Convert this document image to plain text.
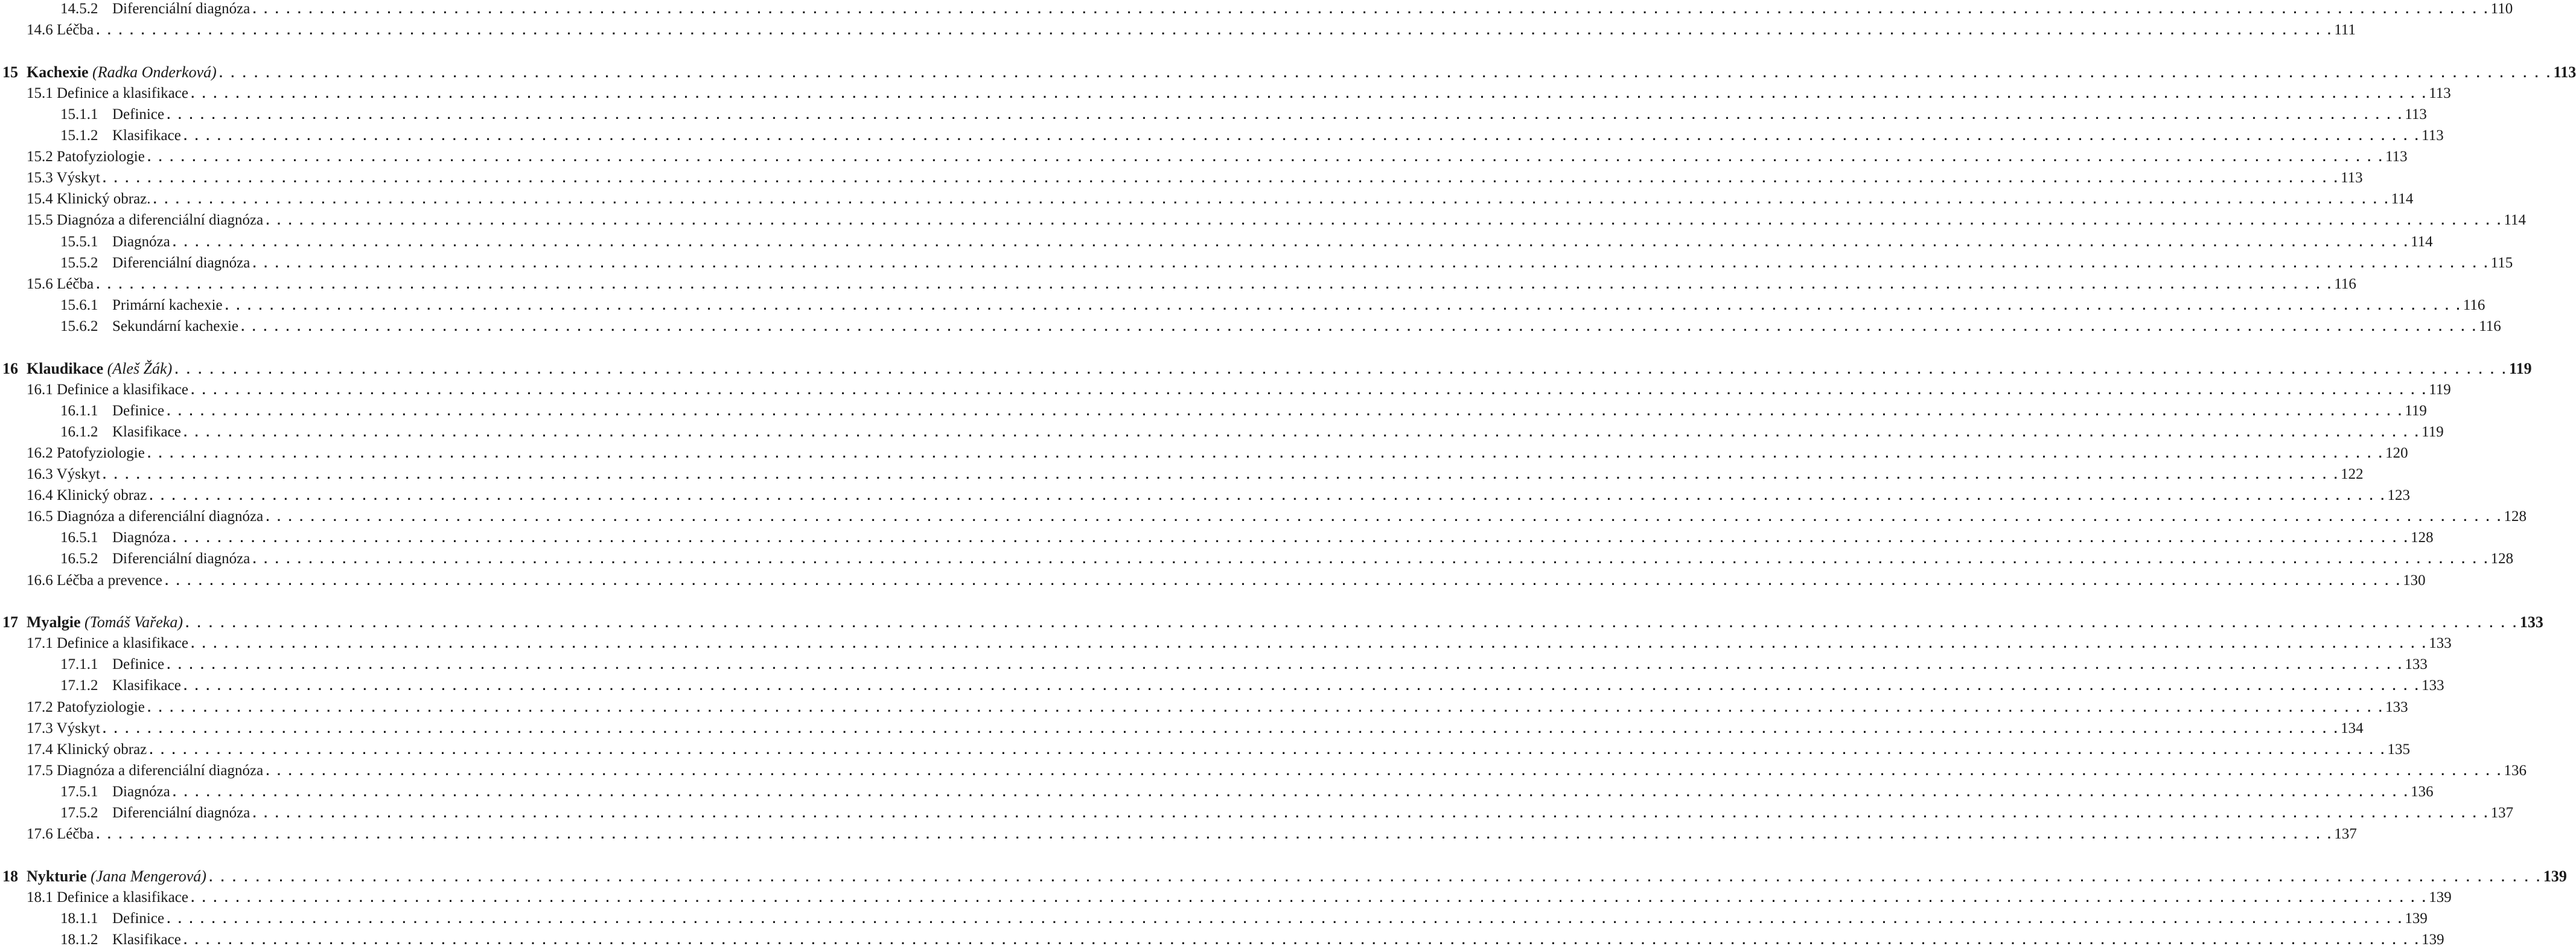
14.5.2 Diferenciální diagnóza . . . . . . . . . . . . . . . . . . . . . . . . . . . . . . . . . . . . . . . . . . . . . . . . . . . . . . . . . . . . . . . . . . . . . . . . . . . . . . . . . . . . . . . . . . . . . . . . . . . . . . . . . . . . . . . . . . . . . . . . . . . . . . . . . . . . . . . . . . . . . . . . . . . . . . . . . . . . . . . . . . . . . . . . . . . . . . . . . . . . . . . . . . . . . . . . . . . . . . . . 110
14.6 Léčba . . . . . . . . . . . . . . . . . . . . . . . . . . . . . . . . . . . . . . . . . . . . . . . . . . . . . . . . . . . . . . . . . . . . . . . . . . . . . . . . . . . . . . . . . . . . . . . . . . . . . . . . . . . . . . . . . . . . . . . . . . . . . . . . . . . . . . . . . . . . . . . . . . . . . . . . . . . . . . . . . . . . . . . . . . . . . . . . . . . . . . . . . . . . . . . . . . . . . . . . 111
15 Kachexie (Radka Onderková) . . . . . . . . . . . . . . . . . . . . . . . . . . . . . . . . . . . . . . . . . . . . . . . . . . . . . . . . . . . . . . . . . . . . . . . . . . . . . . . . . . . . . . . . . . . . . . . . . . . . . . . . . . . . . . . . . . . . . . . . . . . . . . . . . . . . . . . . . . . . . . . . . . . . . . . . . . . . . . . . . . . . . . . . . . . . . . . . . . . . . . . . . . . . . . . . . . . . . . . . 113
15.1 Definice a klasifikace . . . . . . . . . . . . . . . . . . . . . . . . . . . . . . . . . . . . . . . . . . . . . . . . . . . . . . . . . . . . . . . . . . . . . . . . . . . . . . . . . . . . . . . . . . . . . . . . . . . . . . . . . . . . . . . . . . . . . . . . . . . . . . . . . . . . . . . . . . . . . . . . . . . . . . . . . . . . . . . . . . . . . . . . . . . . . . . . . . . . . . . . . . . . . . . . . . . . . . . . 113
15.1.1 Definice . . . . . . . . . . . . . . . . . . . . . . . . . . . . . . . . . . . . . . . . . . . . . . . . . . . . . . . . . . . . . . . . . . . . . . . . . . . . . . . . . . . . . . . . . . . . . . . . . . . . . . . . . . . . . . . . . . . . . . . . . . . . . . . . . . . . . . . . . . . . . . . . . . . . . . . . . . . . . . . . . . . . . . . . . . . . . . . . . . . . . . . . . . . . . . . . . . . . . . . . 113
15.1.2 Klasifikace . . . . . . . . . . . . . . . . . . . . . . . . . . . . . . . . . . . . . . . . . . . . . . . . . . . . . . . . . . . . . . . . . . . . . . . . . . . . . . . . . . . . . . . . . . . . . . . . . . . . . . . . . . . . . . . . . . . . . . . . . . . . . . . . . . . . . . . . . . . . . . . . . . . . . . . . . . . . . . . . . . . . . . . . . . . . . . . . . . . . . . . . . . . . . . . . . . . . . . . . 113
15.2 Patofyziologie . . . . . . . . . . . . . . . . . . . . . . . . . . . . . . . . . . . . . . . . . . . . . . . . . . . . . . . . . . . . . . . . . . . . . . . . . . . . . . . . . . . . . . . . . . . . . . . . . . . . . . . . . . . . . . . . . . . . . . . . . . . . . . . . . . . . . . . . . . . . . . . . . . . . . . . . . . . . . . . . . . . . . . . . . . . . . . . . . . . . . . . . . . . . . . . . . . . . . . . . 113
15.3 Výskyt . . . . . . . . . . . . . . . . . . . . . . . . . . . . . . . . . . . . . . . . . . . . . . . . . . . . . . . . . . . . . . . . . . . . . . . . . . . . . . . . . . . . . . . . . . . . . . . . . . . . . . . . . . . . . . . . . . . . . . . . . . . . . . . . . . . . . . . . . . . . . . . . . . . . . . . . . . . . . . . . . . . . . . . . . . . . . . . . . . . . . . . . . . . . . . . . . . . . . . . . 113
15.4 Klinický obraz. . . . . . . . . . . . . . . . . . . . . . . . . . . . . . . . . . . . . . . . . . . . . . . . . . . . . . . . . . . . . . . . . . . . . . . . . . . . . . . . . . . . . . . . . . . . . . . . . . . . . . . . . . . . . . . . . . . . . . . . . . . . . . . . . . . . . . . . . . . . . . . . . . . . . . . . . . . . . . . . . . . . . . . . . . . . . . . . . . . . . . . . . . . . . . . . . . . . . . . . . 114
15.5 Diagnóza a diferenciální diagnóza . . . . . . . . . . . . . . . . . . . . . . . . . . . . . . . . . . . . . . . . . . . . . . . . . . . . . . . . . . . . . . . . . . . . . . . . . . . . . . . . . . . . . . . . . . . . . . . . . . . . . . . . . . . . . . . . . . . . . . . . . . . . . . . . . . . . . . . . . . . . . . . . . . . . . . . . . . . . . . . . . . . . . . . . . . . . . . . . . . . . . . . . . . . . . . . . . . . . . . . . 114
15.5.1 Diagnóza . . . . . . . . . . . . . . . . . . . . . . . . . . . . . . . . . . . . . . . . . . . . . . . . . . . . . . . . . . . . . . . . . . . . . . . . . . . . . . . . . . . . . . . . . . . . . . . . . . . . . . . . . . . . . . . . . . . . . . . . . . . . . . . . . . . . . . . . . . . . . . . . . . . . . . . . . . . . . . . . . . . . . . . . . . . . . . . . . . . . . . . . . . . . . . . . . . . . . . . . 114
15.5.2 Diferenciální diagnóza . . . . . . . . . . . . . . . . . . . . . . . . . . . . . . . . . . . . . . . . . . . . . . . . . . . . . . . . . . . . . . . . . . . . . . . . . . . . . . . . . . . . . . . . . . . . . . . . . . . . . . . . . . . . . . . . . . . . . . . . . . . . . . . . . . . . . . . . . . . . . . . . . . . . . . . . . . . . . . . . . . . . . . . . . . . . . . . . . . . . . . . . . . . . . . . . . . . . . . . . 115
15.6 Léčba . . . . . . . . . . . . . . . . . . . . . . . . . . . . . . . . . . . . . . . . . . . . . . . . . . . . . . . . . . . . . . . . . . . . . . . . . . . . . . . . . . . . . . . . . . . . . . . . . . . . . . . . . . . . . . . . . . . . . . . . . . . . . . . . . . . . . . . . . . . . . . . . . . . . . . . . . . . . . . . . . . . . . . . . . . . . . . . . . . . . . . . . . . . . . . . . . . . . . . . . 116
15.6.1 Primární kachexie . . . . . . . . . . . . . . . . . . . . . . . . . . . . . . . . . . . . . . . . . . . . . . . . . . . . . . . . . . . . . . . . . . . . . . . . . . . . . . . . . . . . . . . . . . . . . . . . . . . . . . . . . . . . . . . . . . . . . . . . . . . . . . . . . . . . . . . . . . . . . . . . . . . . . . . . . . . . . . . . . . . . . . . . . . . . . . . . . . . . . . . . . . . . . . . . . . . . . . . . 116
15.6.2 Sekundární kachexie . . . . . . . . . . . . . . . . . . . . . . . . . . . . . . . . . . . . . . . . . . . . . . . . . . . . . . . . . . . . . . . . . . . . . . . . . . . . . . . . . . . . . . . . . . . . . . . . . . . . . . . . . . . . . . . . . . . . . . . . . . . . . . . . . . . . . . . . . . . . . . . . . . . . . . . . . . . . . . . . . . . . . . . . . . . . . . . . . . . . . . . . . . . . . . . . . . . . . . . . 116
16 Klaudikace (Aleš Žák) . . . . . . . . . . . . . . . . . . . . . . . . . . . . . . . . . . . . . . . . . . . . . . . . . . . . . . . . . . . . . . . . . . . . . . . . . . . . . . . . . . . . . . . . . . . . . . . . . . . . . . . . . . . . . . . . . . . . . . . . . . . . . . . . . . . . . . . . . . . . . . . . . . . . . . . . . . . . . . . . . . . . . . . . . . . . . . . . . . . . . . . . . . . . . . . . . . . . . . . . 119
16.1 Definice a klasifikace . . . . . . . . . . . . . . . . . . . . . . . . . . . . . . . . . . . . . . . . . . . . . . . . . . . . . . . . . . . . . . . . . . . . . . . . . . . . . . . . . . . . . . . . . . . . . . . . . . . . . . . . . . . . . . . . . . . . . . . . . . . . . . . . . . . . . . . . . . . . . . . . . . . . . . . . . . . . . . . . . . . . . . . . . . . . . . . . . . . . . . . . . . . . . . . . . . . . . . . . 119
16.1.1 Definice . . . . . . . . . . . . . . . . . . . . . . . . . . . . . . . . . . . . . . . . . . . . . . . . . . . . . . . . . . . . . . . . . . . . . . . . . . . . . . . . . . . . . . . . . . . . . . . . . . . . . . . . . . . . . . . . . . . . . . . . . . . . . . . . . . . . . . . . . . . . . . . . . . . . . . . . . . . . . . . . . . . . . . . . . . . . . . . . . . . . . . . . . . . . . . . . . . . . . . . . 119
16.1.2 Klasifikace . . . . . . . . . . . . . . . . . . . . . . . . . . . . . . . . . . . . . . . . . . . . . . . . . . . . . . . . . . . . . . . . . . . . . . . . . . . . . . . . . . . . . . . . . . . . . . . . . . . . . . . . . . . . . . . . . . . . . . . . . . . . . . . . . . . . . . . . . . . . . . . . . . . . . . . . . . . . . . . . . . . . . . . . . . . . . . . . . . . . . . . . . . . . . . . . . . . . . . . . 119
16.2 Patofyziologie . . . . . . . . . . . . . . . . . . . . . . . . . . . . . . . . . . . . . . . . . . . . . . . . . . . . . . . . . . . . . . . . . . . . . . . . . . . . . . . . . . . . . . . . . . . . . . . . . . . . . . . . . . . . . . . . . . . . . . . . . . . . . . . . . . . . . . . . . . . . . . . . . . . . . . . . . . . . . . . . . . . . . . . . . . . . . . . . . . . . . . . . . . . . . . . . . . . . . . . . 120
16.3 Výskyt . . . . . . . . . . . . . . . . . . . . . . . . . . . . . . . . . . . . . . . . . . . . . . . . . . . . . . . . . . . . . . . . . . . . . . . . . . . . . . . . . . . . . . . . . . . . . . . . . . . . . . . . . . . . . . . . . . . . . . . . . . . . . . . . . . . . . . . . . . . . . . . . . . . . . . . . . . . . . . . . . . . . . . . . . . . . . . . . . . . . . . . . . . . . . . . . . . . . . . . . 122
16.4 Klinický obraz . . . . . . . . . . . . . . . . . . . . . . . . . . . . . . . . . . . . . . . . . . . . . . . . . . . . . . . . . . . . . . . . . . . . . . . . . . . . . . . . . . . . . . . . . . . . . . . . . . . . . . . . . . . . . . . . . . . . . . . . . . . . . . . . . . . . . . . . . . . . . . . . . . . . . . . . . . . . . . . . . . . . . . . . . . . . . . . . . . . . . . . . . . . . . . . . . . . . . . . . 123
16.5 Diagnóza a diferenciální diagnóza . . . . . . . . . . . . . . . . . . . . . . . . . . . . . . . . . . . . . . . . . . . . . . . . . . . . . . . . . . . . . . . . . . . . . . . . . . . . . . . . . . . . . . . . . . . . . . . . . . . . . . . . . . . . . . . . . . . . . . . . . . . . . . . . . . . . . . . . . . . . . . . . . . . . . . . . . . . . . . . . . . . . . . . . . . . . . . . . . . . . . . . . . . . . . . . . . . . . . . . . 128
16.5.1 Diagnóza . . . . . . . . . . . . . . . . . . . . . . . . . . . . . . . . . . . . . . . . . . . . . . . . . . . . . . . . . . . . . . . . . . . . . . . . . . . . . . . . . . . . . . . . . . . . . . . . . . . . . . . . . . . . . . . . . . . . . . . . . . . . . . . . . . . . . . . . . . . . . . . . . . . . . . . . . . . . . . . . . . . . . . . . . . . . . . . . . . . . . . . . . . . . . . . . . . . . . . . . 128
16.5.2 Diferenciální diagnóza . . . . . . . . . . . . . . . . . . . . . . . . . . . . . . . . . . . . . . . . . . . . . . . . . . . . . . . . . . . . . . . . . . . . . . . . . . . . . . . . . . . . . . . . . . . . . . . . . . . . . . . . . . . . . . . . . . . . . . . . . . . . . . . . . . . . . . . . . . . . . . . . . . . . . . . . . . . . . . . . . . . . . . . . . . . . . . . . . . . . . . . . . . . . . . . . . . . . . . . . 128
16.6 Léčba a prevence . . . . . . . . . . . . . . . . . . . . . . . . . . . . . . . . . . . . . . . . . . . . . . . . . . . . . . . . . . . . . . . . . . . . . . . . . . . . . . . . . . . . . . . . . . . . . . . . . . . . . . . . . . . . . . . . . . . . . . . . . . . . . . . . . . . . . . . . . . . . . . . . . . . . . . . . . . . . . . . . . . . . . . . . . . . . . . . . . . . . . . . . . . . . . . . . . . . . . . . . 130
17 Myalgie (Tomáš Vařeka) . . . . . . . . . . . . . . . . . . . . . . . . . . . . . . . . . . . . . . . . . . . . . . . . . . . . . . . . . . . . . . . . . . . . . . . . . . . . . . . . . . . . . . . . . . . . . . . . . . . . . . . . . . . . . . . . . . . . . . . . . . . . . . . . . . . . . . . . . . . . . . . . . . . . . . . . . . . . . . . . . . . . . . . . . . . . . . . . . . . . . . . . . . . . . . . . . . . . . . . . 133
17.1 Definice a klasifikace . . . . . . . . . . . . . . . . . . . . . . . . . . . . . . . . . . . . . . . . . . . . . . . . . . . . . . . . . . . . . . . . . . . . . . . . . . . . . . . . . . . . . . . . . . . . . . . . . . . . . . . . . . . . . . . . . . . . . . . . . . . . . . . . . . . . . . . . . . . . . . . . . . . . . . . . . . . . . . . . . . . . . . . . . . . . . . . . . . . . . . . . . . . . . . . . . . . . . . . . 133
17.1.1 Definice . . . . . . . . . . . . . . . . . . . . . . . . . . . . . . . . . . . . . . . . . . . . . . . . . . . . . . . . . . . . . . . . . . . . . . . . . . . . . . . . . . . . . . . . . . . . . . . . . . . . . . . . . . . . . . . . . . . . . . . . . . . . . . . . . . . . . . . . . . . . . . . . . . . . . . . . . . . . . . . . . . . . . . . . . . . . . . . . . . . . . . . . . . . . . . . . . . . . . . . . 133
17.1.2 Klasifikace . . . . . . . . . . . . . . . . . . . . . . . . . . . . . . . . . . . . . . . . . . . . . . . . . . . . . . . . . . . . . . . . . . . . . . . . . . . . . . . . . . . . . . . . . . . . . . . . . . . . . . . . . . . . . . . . . . . . . . . . . . . . . . . . . . . . . . . . . . . . . . . . . . . . . . . . . . . . . . . . . . . . . . . . . . . . . . . . . . . . . . . . . . . . . . . . . . . . . . . . 133
17.2 Patofyziologie . . . . . . . . . . . . . . . . . . . . . . . . . . . . . . . . . . . . . . . . . . . . . . . . . . . . . . . . . . . . . . . . . . . . . . . . . . . . . . . . . . . . . . . . . . . . . . . . . . . . . . . . . . . . . . . . . . . . . . . . . . . . . . . . . . . . . . . . . . . . . . . . . . . . . . . . . . . . . . . . . . . . . . . . . . . . . . . . . . . . . . . . . . . . . . . . . . . . . . . . 133
17.3 Výskyt . . . . . . . . . . . . . . . . . . . . . . . . . . . . . . . . . . . . . . . . . . . . . . . . . . . . . . . . . . . . . . . . . . . . . . . . . . . . . . . . . . . . . . . . . . . . . . . . . . . . . . . . . . . . . . . . . . . . . . . . . . . . . . . . . . . . . . . . . . . . . . . . . . . . . . . . . . . . . . . . . . . . . . . . . . . . . . . . . . . . . . . . . . . . . . . . . . . . . . . . 134
17.4 Klinický obraz . . . . . . . . . . . . . . . . . . . . . . . . . . . . . . . . . . . . . . . . . . . . . . . . . . . . . . . . . . . . . . . . . . . . . . . . . . . . . . . . . . . . . . . . . . . . . . . . . . . . . . . . . . . . . . . . . . . . . . . . . . . . . . . . . . . . . . . . . . . . . . . . . . . . . . . . . . . . . . . . . . . . . . . . . . . . . . . . . . . . . . . . . . . . . . . . . . . . . . . . 135
17.5 Diagnóza a diferenciální diagnóza . . . . . . . . . . . . . . . . . . . . . . . . . . . . . . . . . . . . . . . . . . . . . . . . . . . . . . . . . . . . . . . . . . . . . . . . . . . . . . . . . . . . . . . . . . . . . . . . . . . . . . . . . . . . . . . . . . . . . . . . . . . . . . . . . . . . . . . . . . . . . . . . . . . . . . . . . . . . . . . . . . . . . . . . . . . . . . . . . . . . . . . . . . . . . . . . . . . . . . . . 136
17.5.1 Diagnóza . . . . . . . . . . . . . . . . . . . . . . . . . . . . . . . . . . . . . . . . . . . . . . . . . . . . . . . . . . . . . . . . . . . . . . . . . . . . . . . . . . . . . . . . . . . . . . . . . . . . . . . . . . . . . . . . . . . . . . . . . . . . . . . . . . . . . . . . . . . . . . . . . . . . . . . . . . . . . . . . . . . . . . . . . . . . . . . . . . . . . . . . . . . . . . . . . . . . . . . . 136
17.5.2 Diferenciální diagnóza . . . . . . . . . . . . . . . . . . . . . . . . . . . . . . . . . . . . . . . . . . . . . . . . . . . . . . . . . . . . . . . . . . . . . . . . . . . . . . . . . . . . . . . . . . . . . . . . . . . . . . . . . . . . . . . . . . . . . . . . . . . . . . . . . . . . . . . . . . . . . . . . . . . . . . . . . . . . . . . . . . . . . . . . . . . . . . . . . . . . . . . . . . . . . . . . . . . . . . . . 137
17.6 Léčba . . . . . . . . . . . . . . . . . . . . . . . . . . . . . . . . . . . . . . . . . . . . . . . . . . . . . . . . . . . . . . . . . . . . . . . . . . . . . . . . . . . . . . . . . . . . . . . . . . . . . . . . . . . . . . . . . . . . . . . . . . . . . . . . . . . . . . . . . . . . . . . . . . . . . . . . . . . . . . . . . . . . . . . . . . . . . . . . . . . . . . . . . . . . . . . . . . . . . . . . 137
18 Nykturie (Jana Mengerová) . . . . . . . . . . . . . . . . . . . . . . . . . . . . . . . . . . . . . . . . . . . . . . . . . . . . . . . . . . . . . . . . . . . . . . . . . . . . . . . . . . . . . . . . . . . . . . . . . . . . . . . . . . . . . . . . . . . . . . . . . . . . . . . . . . . . . . . . . . . . . . . . . . . . . . . . . . . . . . . . . . . . . . . . . . . . . . . . . . . . . . . . . . . . . . . . . . . . . . . . 139
18.1 Definice a klasifikace . . . . . . . . . . . . . . . . . . . . . . . . . . . . . . . . . . . . . . . . . . . . . . . . . . . . . . . . . . . . . . . . . . . . . . . . . . . . . . . . . . . . . . . . . . . . . . . . . . . . . . . . . . . . . . . . . . . . . . . . . . . . . . . . . . . . . . . . . . . . . . . . . . . . . . . . . . . . . . . . . . . . . . . . . . . . . . . . . . . . . . . . . . . . . . . . . . . . . . . . 139
18.1.1 Definice . . . . . . . . . . . . . . . . . . . . . . . . . . . . . . . . . . . . . . . . . . . . . . . . . . . . . . . . . . . . . . . . . . . . . . . . . . . . . . . . . . . . . . . . . . . . . . . . . . . . . . . . . . . . . . . . . . . . . . . . . . . . . . . . . . . . . . . . . . . . . . . . . . . . . . . . . . . . . . . . . . . . . . . . . . . . . . . . . . . . . . . . . . . . . . . . . . . . . . . . 139
18.1.2 Klasifikace . . . . . . . . . . . . . . . . . . . . . . . . . . . . . . . . . . . . . . . . . . . . . . . . . . . . . . . . . . . . . . . . . . . . . . . . . . . . . . . . . . . . . . . . . . . . . . . . . . . . . . . . . . . . . . . . . . . . . . . . . . . . . . . . . . . . . . . . . . . . . . . . . . . . . . . . . . . . . . . . . . . . . . . . . . . . . . . . . . . . . . . . . . . . . . . . . . . . . . . . 139
